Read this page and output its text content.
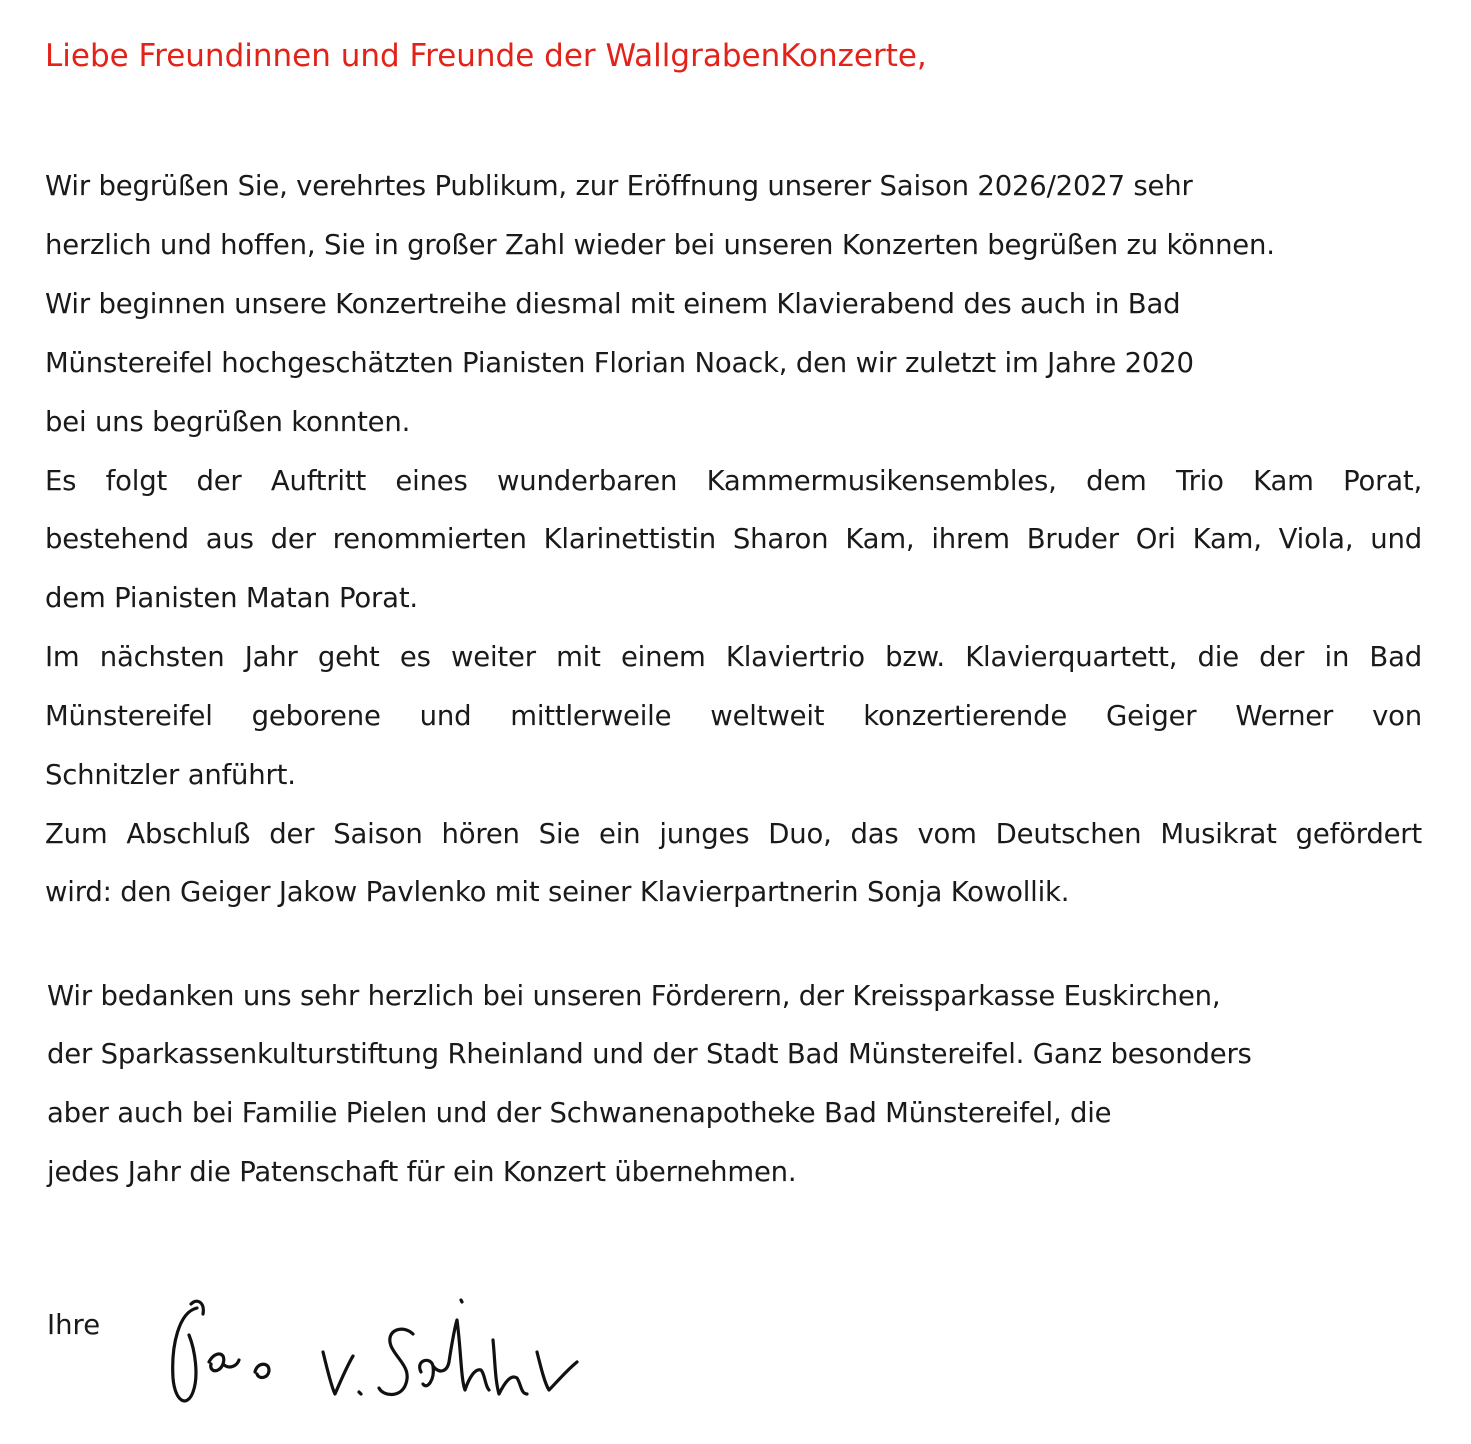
Liebe Freundinnen und Freunde der WallgrabenKonzerte,

Wir begrüßen Sie, verehrtes Publikum, zur Eröffnung unserer Saison 2026/2027 sehr

herzlich und hoffen, Sie in großer Zahl wieder bei unseren Konzerten begrüßen zu können.

Wir beginnen unsere Konzertreihe diesmal mit einem Klavierabend des auch in Bad

Münstereifel hochgeschätzten Pianisten Florian Noack, den wir zuletzt im Jahre 2020

bei uns begrüßen konnten.

Es folgt der Auftritt eines wunderbaren Kammermusikensembles, dem Trio Kam Porat,

bestehend aus der renommierten Klarinettistin Sharon Kam, ihrem Bruder Ori Kam, Viola, und

dem Pianisten Matan Porat.

Im nächsten Jahr geht es weiter mit einem Klaviertrio bzw. Klavierquartett, die der in Bad

Münstereifel geborene und mittlerweile weltweit konzertierende Geiger Werner von

Schnitzler anführt.

Zum Abschluß der Saison hören Sie ein junges Duo, das vom Deutschen Musikrat gefördert

wird: den Geiger Jakow Pavlenko mit seiner Klavierpartnerin Sonja Kowollik.

Wir bedanken uns sehr herzlich bei unseren Förderern, der Kreissparkasse Euskirchen,

der Sparkassenkulturstiftung Rheinland und der Stadt Bad Münstereifel. Ganz besonders

aber auch bei Familie Pielen und der Schwanenapotheke Bad Münstereifel, die

jedes Jahr die Patenschaft für ein Konzert übernehmen.

Ihre
